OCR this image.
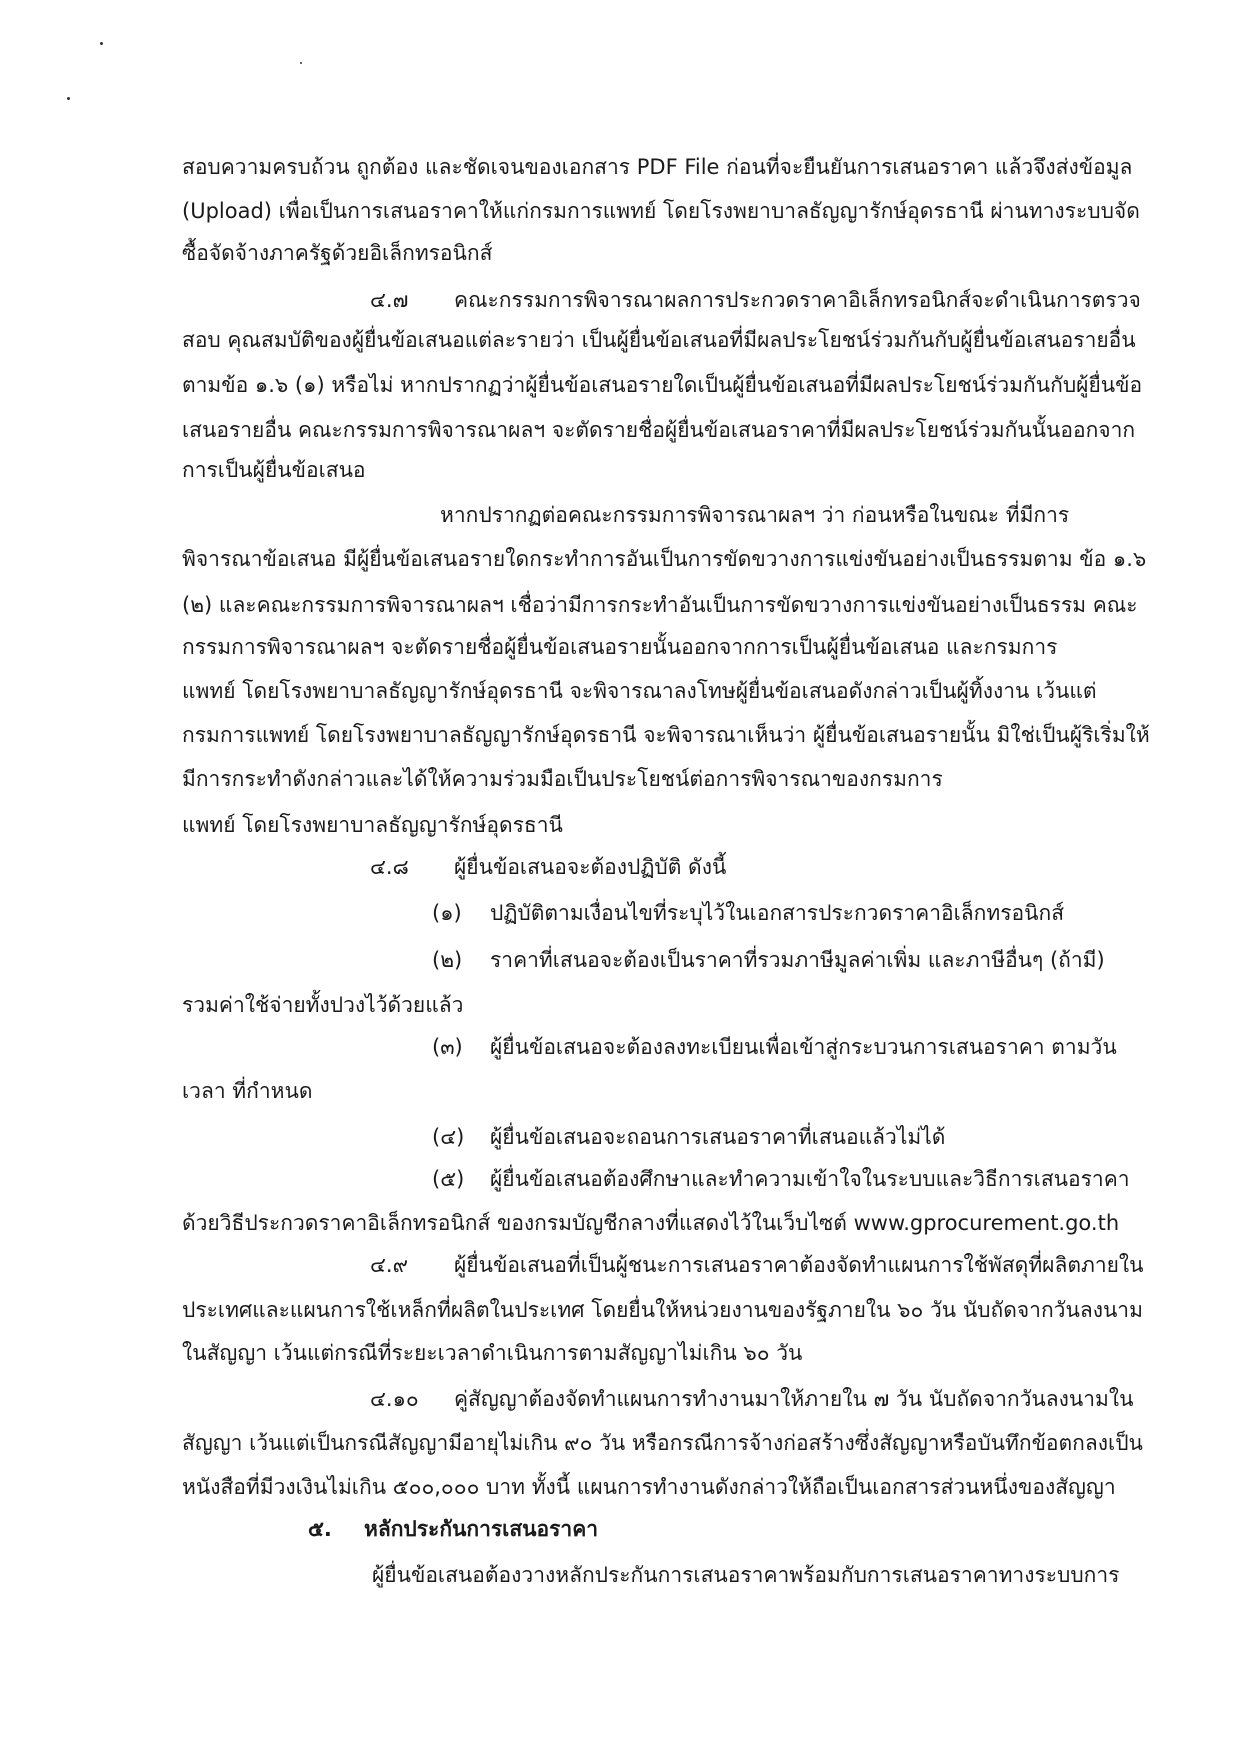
สอบความครบถ้วน ถูกต้อง และชัดเจนของเอกสาร PDF File ก่อนที่จะยืนยันการเสนอราคา แล้วจึงส่งข้อมูล

(Upload) เพื่อเป็นการเสนอราคาให้แก่กรมการแพทย์ โดยโรงพยาบาลธัญญารักษ์อุดรธานี ผ่านทางระบบจัด

ซื้อจัดจ้างภาครัฐด้วยอิเล็กทรอนิกส์

๔.๗ คณะกรรมการพิจารณาผลการประกวดราคาอิเล็กทรอนิกส์จะดำเนินการตรวจ

สอบ คุณสมบัติของผู้ยื่นข้อเสนอแต่ละรายว่า เป็นผู้ยื่นข้อเสนอที่มีผลประโยชน์ร่วมกันกับผู้ยื่นข้อเสนอรายอื่น

ตามข้อ ๑.๖ (๑) หรือไม่ หากปรากฏว่าผู้ยื่นข้อเสนอรายใดเป็นผู้ยื่นข้อเสนอที่มีผลประโยชน์ร่วมกันกับผู้ยื่นข้อ

เสนอรายอื่น คณะกรรมการพิจารณาผลฯ จะตัดรายชื่อผู้ยื่นข้อเสนอราคาที่มีผลประโยชน์ร่วมกันนั้นออกจาก

การเป็นผู้ยื่นข้อเสนอ

หากปรากฏต่อคณะกรรมการพิจารณาผลฯ ว่า ก่อนหรือในขณะ ที่มีการ

พิจารณาข้อเสนอ มีผู้ยื่นข้อเสนอรายใดกระทำการอันเป็นการขัดขวางการแข่งขันอย่างเป็นธรรมตาม ข้อ ๑.๖

(๒) และคณะกรรมการพิจารณาผลฯ เชื่อว่ามีการกระทำอันเป็นการขัดขวางการแข่งขันอย่างเป็นธรรม คณะ

กรรมการพิจารณาผลฯ จะตัดรายชื่อผู้ยื่นข้อเสนอรายนั้นออกจากการเป็นผู้ยื่นข้อเสนอ และกรมการ

แพทย์ โดยโรงพยาบาลธัญญารักษ์อุดรธานี จะพิจารณาลงโทษผู้ยื่นข้อเสนอดังกล่าวเป็นผู้ทิ้งงาน เว้นแต่

กรมการแพทย์ โดยโรงพยาบาลธัญญารักษ์อุดรธานี จะพิจารณาเห็นว่า ผู้ยื่นข้อเสนอรายนั้น มิใช่เป็นผู้ริเริ่มให้

มีการกระทำดังกล่าวและได้ให้ความร่วมมือเป็นประโยชน์ต่อการพิจารณาของกรมการ

แพทย์ โดยโรงพยาบาลธัญญารักษ์อุดรธานี

๔.๘ ผู้ยื่นข้อเสนอจะต้องปฏิบัติ ดังนี้

(๑) ปฏิบัติตามเงื่อนไขที่ระบุไว้ในเอกสารประกวดราคาอิเล็กทรอนิกส์

(๒) ราคาที่เสนอจะต้องเป็นราคาที่รวมภาษีมูลค่าเพิ่ม และภาษีอื่นๆ (ถ้ามี)

รวมค่าใช้จ่ายทั้งปวงไว้ด้วยแล้ว

(๓) ผู้ยื่นข้อเสนอจะต้องลงทะเบียนเพื่อเข้าสู่กระบวนการเสนอราคา ตามวัน

เวลา ที่กำหนด

(๔) ผู้ยื่นข้อเสนอจะถอนการเสนอราคาที่เสนอแล้วไม่ได้

(๕) ผู้ยื่นข้อเสนอต้องศึกษาและทำความเข้าใจในระบบและวิธีการเสนอราคา

ด้วยวิธีประกวดราคาอิเล็กทรอนิกส์ ของกรมบัญชีกลางที่แสดงไว้ในเว็บไซต์ www.gprocurement.go.th

๔.๙ ผู้ยื่นข้อเสนอที่เป็นผู้ชนะการเสนอราคาต้องจัดทำแผนการใช้พัสดุที่ผลิตภายใน

ประเทศและแผนการใช้เหล็กที่ผลิตในประเทศ โดยยื่นให้หน่วยงานของรัฐภายใน ๖๐ วัน นับถัดจากวันลงนาม

ในสัญญา เว้นแต่กรณีที่ระยะเวลาดำเนินการตามสัญญาไม่เกิน ๖๐ วัน

๔.๑๐ คู่สัญญาต้องจัดทำแผนการทำงานมาให้ภายใน ๗ วัน นับถัดจากวันลงนามใน

สัญญา เว้นแต่เป็นกรณีสัญญามีอายุไม่เกิน ๙๐ วัน หรือกรณีการจ้างก่อสร้างซึ่งสัญญาหรือบันทึกข้อตกลงเป็น

หนังสือที่มีวงเงินไม่เกิน ๕๐๐,๐๐๐ บาท ทั้งนี้ แผนการทำงานดังกล่าวให้ถือเป็นเอกสารส่วนหนึ่งของสัญญา

๕. หลักประกันการเสนอราคา

ผู้ยื่นข้อเสนอต้องวางหลักประกันการเสนอราคาพร้อมกับการเสนอราคาทางระบบการ
